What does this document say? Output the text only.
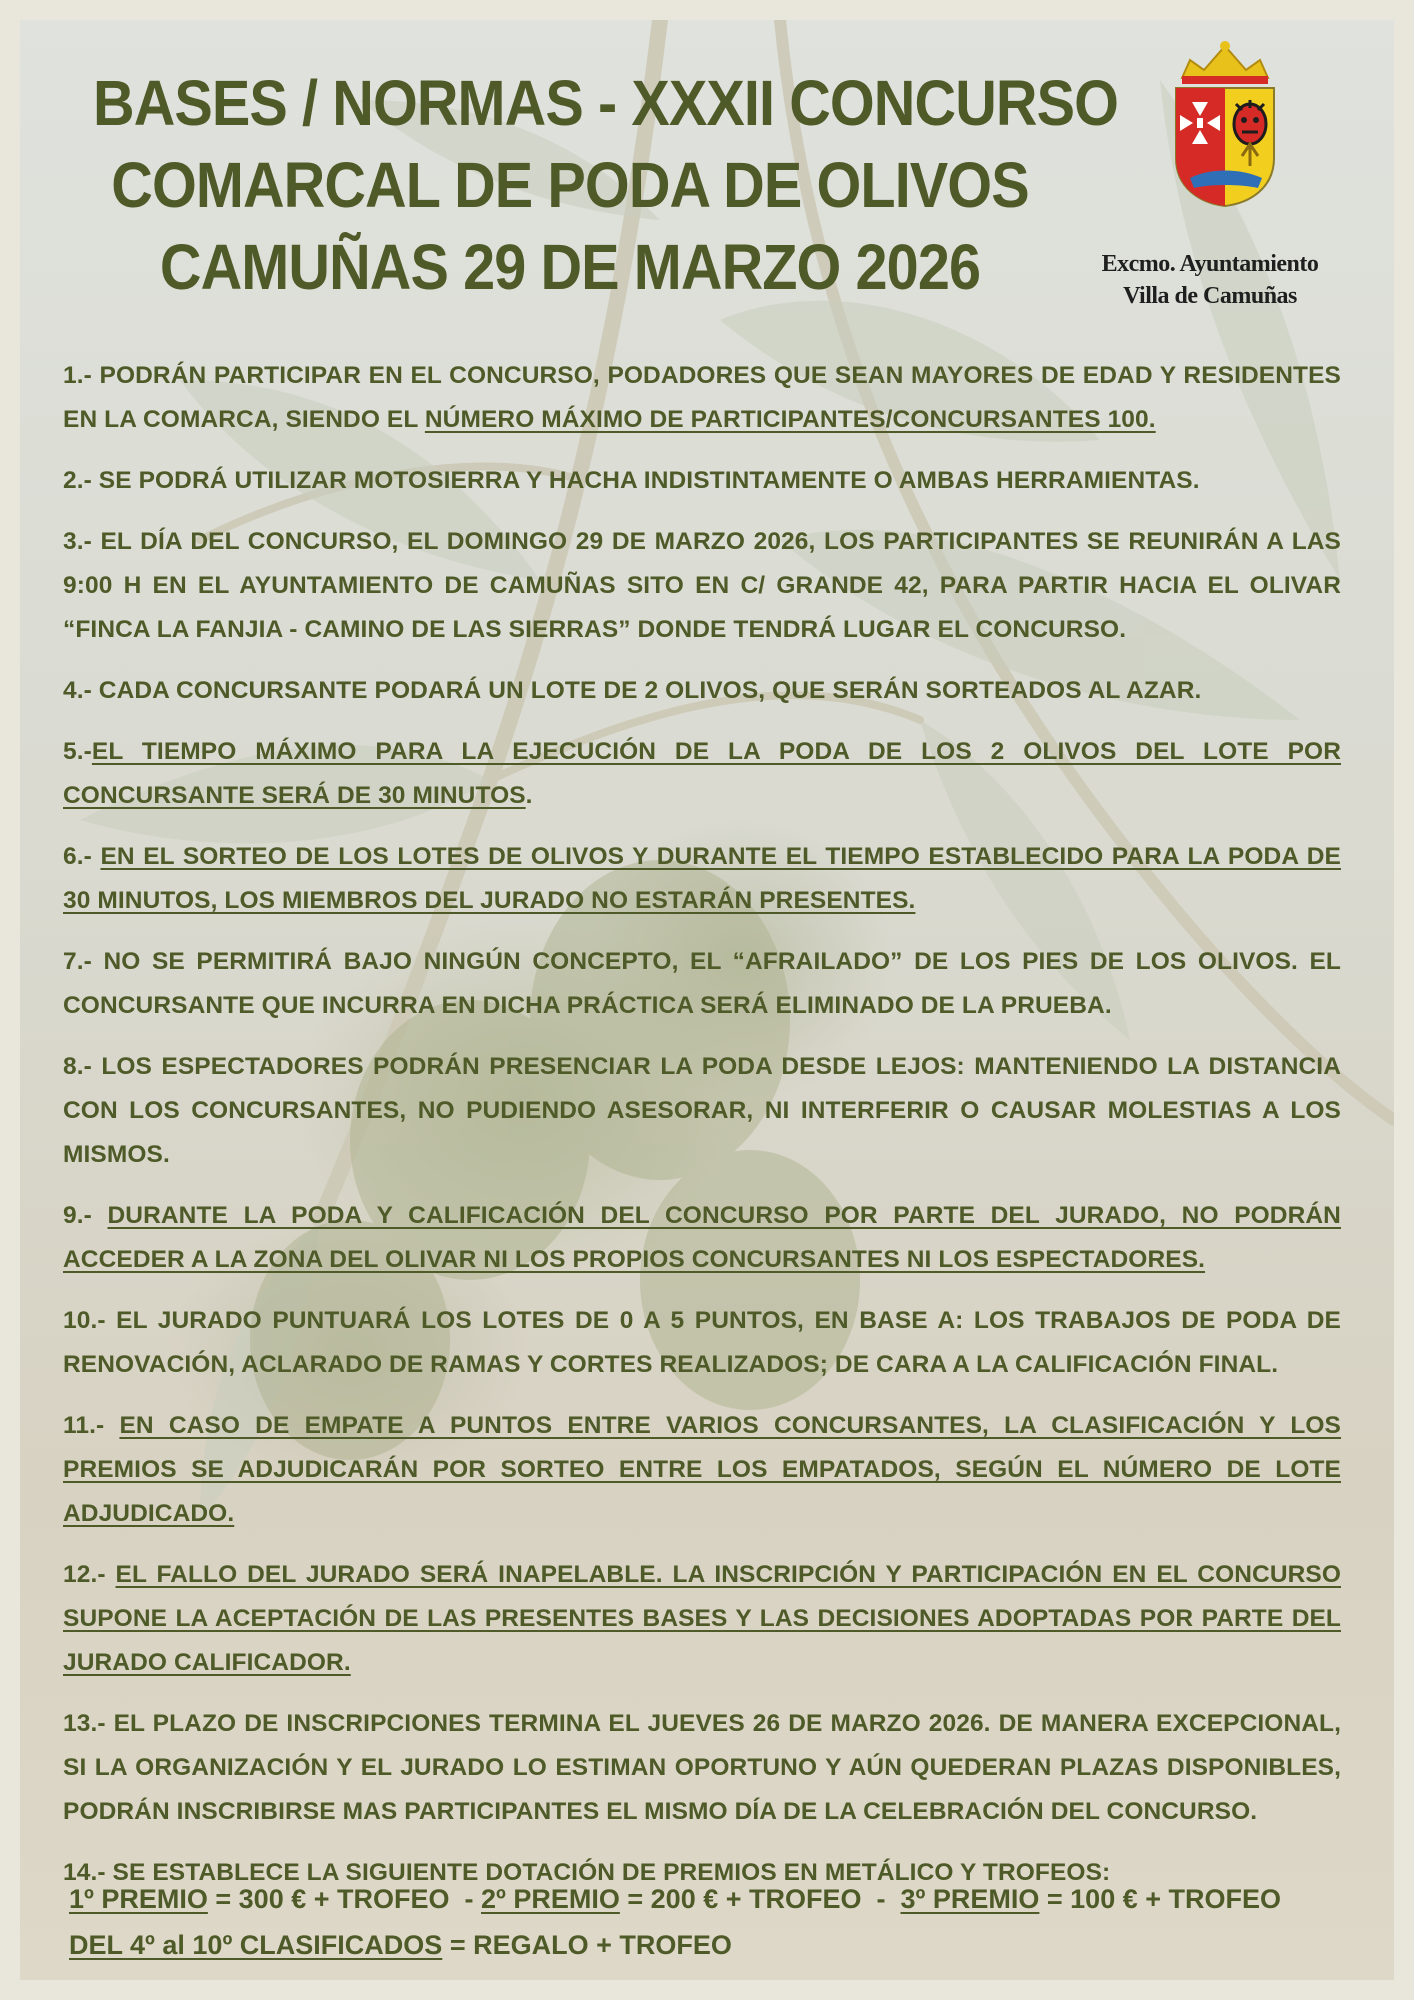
BASES / NORMAS - XXXII CONCURSO
COMARCAL DE PODA DE OLIVOS
CAMUÑAS 29 DE MARZO 2026	Excmo. Ayuntamiento
Villa de Camuñas

1.- PODRÁN PARTICIPAR EN EL CONCURSO, PODADORES QUE SEAN MAYORES DE EDAD Y RESIDENTES EN LA COMARCA, SIENDO EL NÚMERO MÁXIMO DE PARTICIPANTES/CONCURSANTES 100.

2.- SE PODRÁ UTILIZAR MOTOSIERRA Y HACHA INDISTINTAMENTE O AMBAS HERRAMIENTAS.

3.- EL DÍA DEL CONCURSO, EL DOMINGO 29 DE MARZO 2026, LOS PARTICIPANTES SE REUNIRÁN A LAS 9:00 H EN EL AYUNTAMIENTO DE CAMUÑAS SITO EN C/ GRANDE 42, PARA PARTIR HACIA EL OLIVAR “FINCA LA FANJIA - CAMINO DE LAS SIERRAS” DONDE TENDRÁ LUGAR EL CONCURSO.

4.- CADA CONCURSANTE PODARÁ UN LOTE DE 2 OLIVOS, QUE SERÁN SORTEADOS AL AZAR.

5.-EL TIEMPO MÁXIMO PARA LA EJECUCIÓN DE LA PODA DE LOS 2 OLIVOS DEL LOTE POR CONCURSANTE SERÁ DE 30 MINUTOS.

6.- EN EL SORTEO DE LOS LOTES DE OLIVOS Y DURANTE EL TIEMPO ESTABLECIDO PARA LA PODA DE 30 MINUTOS, LOS MIEMBROS DEL JURADO NO ESTARÁN PRESENTES.

7.- NO SE PERMITIRÁ BAJO NINGÚN CONCEPTO, EL “AFRAILADO” DE LOS PIES DE LOS OLIVOS. EL CONCURSANTE QUE INCURRA EN DICHA PRÁCTICA SERÁ ELIMINADO DE LA PRUEBA.

8.- LOS ESPECTADORES PODRÁN PRESENCIAR LA PODA DESDE LEJOS: MANTENIENDO LA DISTANCIA CON LOS CONCURSANTES, NO PUDIENDO ASESORAR, NI INTERFERIR O CAUSAR MOLESTIAS A LOS MISMOS.

9.- DURANTE LA PODA Y CALIFICACIÓN DEL CONCURSO POR PARTE DEL JURADO, NO PODRÁN ACCEDER A LA ZONA DEL OLIVAR NI LOS PROPIOS CONCURSANTES NI LOS ESPECTADORES.

10.- EL JURADO PUNTUARÁ LOS LOTES DE 0 A 5 PUNTOS, EN BASE A: LOS TRABAJOS DE PODA DE RENOVACIÓN, ACLARADO DE RAMAS Y CORTES REALIZADOS; DE CARA A LA CALIFICACIÓN FINAL.

11.- EN CASO DE EMPATE A PUNTOS ENTRE VARIOS CONCURSANTES, LA CLASIFICACIÓN Y LOS PREMIOS SE ADJUDICARÁN POR SORTEO ENTRE LOS EMPATADOS, SEGÚN EL NÚMERO DE LOTE ADJUDICADO.

12.- EL FALLO DEL JURADO SERÁ INAPELABLE. LA INSCRIPCIÓN Y PARTICIPACIÓN EN EL CONCURSO SUPONE LA ACEPTACIÓN DE LAS PRESENTES BASES Y LAS DECISIONES ADOPTADAS POR PARTE DEL JURADO CALIFICADOR.

13.- EL PLAZO DE INSCRIPCIONES TERMINA EL JUEVES 26 DE MARZO 2026. DE MANERA EXCEPCIONAL, SI LA ORGANIZACIÓN Y EL JURADO LO ESTIMAN OPORTUNO Y AÚN QUEDERAN PLAZAS DISPONIBLES, PODRÁN INSCRIBIRSE MAS PARTICIPANTES EL MISMO DÍA DE LA CELEBRACIÓN DEL CONCURSO.

14.- SE ESTABLECE LA SIGUIENTE DOTACIÓN DE PREMIOS EN METÁLICO Y TROFEOS:

1º PREMIO = 300 € + TROFEO  - 2º PREMIO = 200 € + TROFEO  -  3º PREMIO = 100 € + TROFEO
DEL 4º al 10º CLASIFICADOS = REGALO + TROFEO
